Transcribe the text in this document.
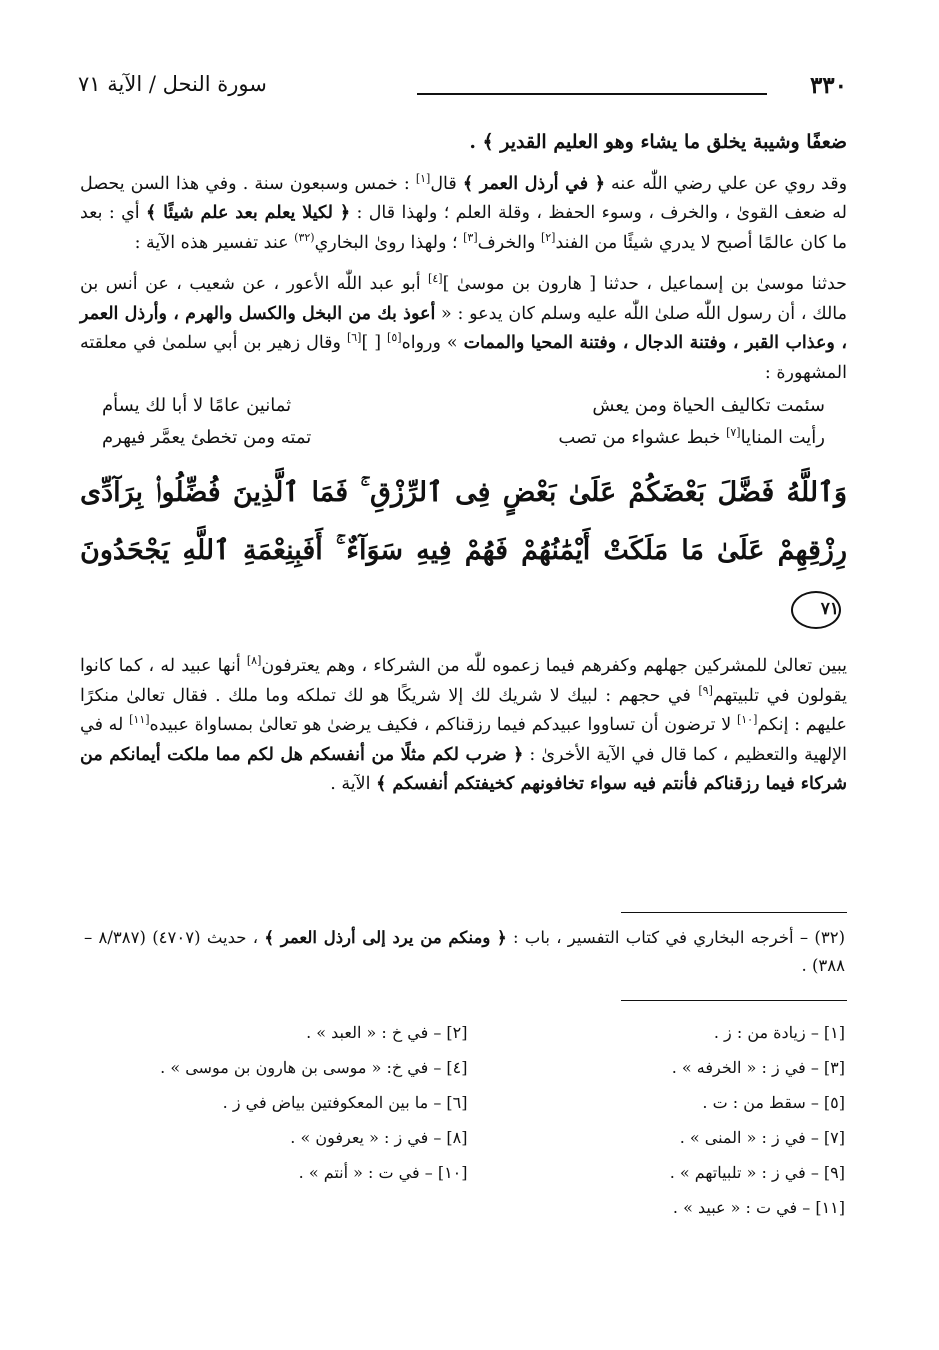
٣٣٠
سورة النحل / الآية ٧١

ضعفًا وشيبة يخلق ما يشاء وهو العليم القدير ﴾ .

وقد روي عن علي رضي اللّٰه عنه ﴿ في أرذل العمر ﴾ قال[١] : خمس وسبعون سنة . وفي هذا السن يحصل له ضعف القوىٰ ، والخرف ، وسوء الحفظ ، وقلة العلم ؛ ولهذا قال : ﴿ لكيلا يعلم بعد علم شيئًا ﴾ أي : بعد ما كان عالمًا أصبح لا يدري شيئًا من الفند[٢] والخرف[٣] ؛ ولهذا روىٰ البخاري$^{(٣٢)}$ عند تفسير هذه الآية :

حدثنا موسىٰ بن إسماعيل ، حدثنا [ هارون بن موسىٰ ][٤] أبو عبد اللّٰه الأعور ، عن شعيب ، عن أنس بن مالك ، أن رسول اللّٰه صلىٰ اللّٰه عليه وسلم كان يدعو : « أعوذ بك من البخل والكسل والهرم ، وأرذل العمر ، وعذاب القبر ، وفتنة الدجال ، وفتنة المحيا والممات » ورواه[٥] [ ][٦] وقال زهير بن أبي سلمىٰ في معلقته المشهورة :

سئمت تكاليف الحياة ومن يعش
ثمانين عامًا لا أبا لك يسأم
رأيت المنايا[٧] خبط عشواء من تصب
تمته ومن تخطئ يعمَّر فيهرم

وَٱللَّهُ فَضَّلَ بَعْضَكُمْ عَلَىٰ بَعْضٍ فِى ٱلرِّزْقِ ۚ فَمَا ٱلَّذِينَ فُضِّلُوا۟ بِرَآدِّى رِزْقِهِمْ عَلَىٰ مَا مَلَكَتْ أَيْمَٰنُهُمْ فَهُمْ فِيهِ سَوَآءٌ ۚ أَفَبِنِعْمَةِ ٱللَّهِ يَجْحَدُونَ ٧١

يبين تعالىٰ للمشركين جهلهم وكفرهم فيما زعموه للّٰه من الشركاء ، وهم يعترفون[٨] أنها عبيد له ، كما كانوا يقولون في تلبيتهم[٩] في حجهم : لبيك لا شريك لك إلا شريكًا هو لك تملكه وما ملك . فقال تعالىٰ منكرًا عليهم : إنكم[١٠] لا ترضون أن تساووا عبيدكم فيما رزقناكم ، فكيف يرضىٰ هو تعالىٰ بمساواة عبيده[١١] له في الإلهية والتعظيم ، كما قال في الآية الأخرىٰ : ﴿ ضرب لكم مثلًا من أنفسكم هل لكم مما ملكت أيمانكم من شركاء فيما رزقناكم فأنتم فيه سواء تخافونهم كخيفتكم أنفسكم ﴾ الآية .

(٣٢) – أخرجه البخاري في كتاب التفسير ، باب : ﴿ ومنكم من يرد إلى أرذل العمر ﴾ ، حديث (٤٧٠٧) (٨/٣٨٧ – ٣٨٨) .

[١] – زيادة من : ز .
[٢] – في خ : « العبد » .
[٣] – في ز : « الخرفه » .
[٤] – في خ: « موسى بن هارون بن موسى » .
[٥] – سقط من : ت .
[٦] – ما بين المعكوفتين بياض في ز .
[٧] – في ز : « المنى » .
[٨] – في ز : « يعرفون » .
[٩] – في ز : « تلبياتهم » .
[١٠] – في ت : « أنتم » .
[١١] – في ت : « عبيد » .
